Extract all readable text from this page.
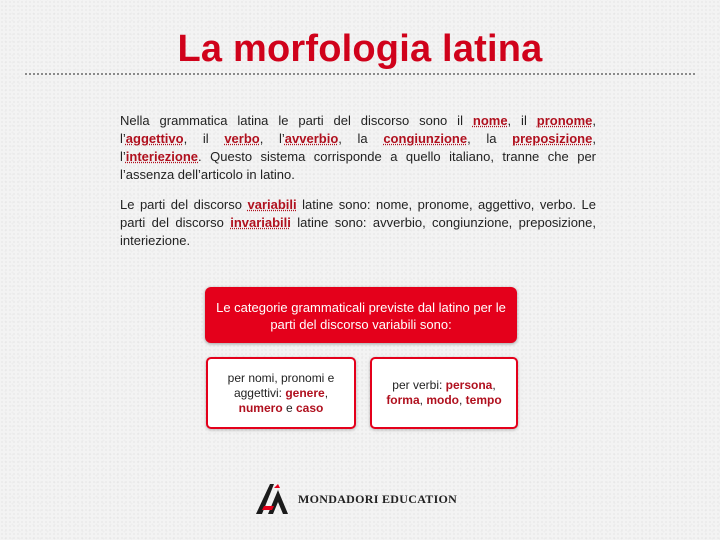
La morfologia latina

Nella grammatica latina le parti del discorso sono il nome, il pronome, l’aggettivo, il verbo, l’avverbio, la congiunzione, la preposizione, l’interiezione. Questo sistema corrisponde a quello italiano, tranne che per l’assenza dell’articolo in latino.

Le parti del discorso variabili latine sono: nome, pronome, aggettivo, verbo. Le parti del discorso invariabili latine sono: avverbio, congiunzione, preposizione, interiezione.

Le categorie grammaticali previste dal latino per le parti del discorso variabili sono:
per nomi, pronomi e aggettivi: genere, numero e caso
per verbi: persona, forma, modo, tempo
MONDADORI EDUCATION
